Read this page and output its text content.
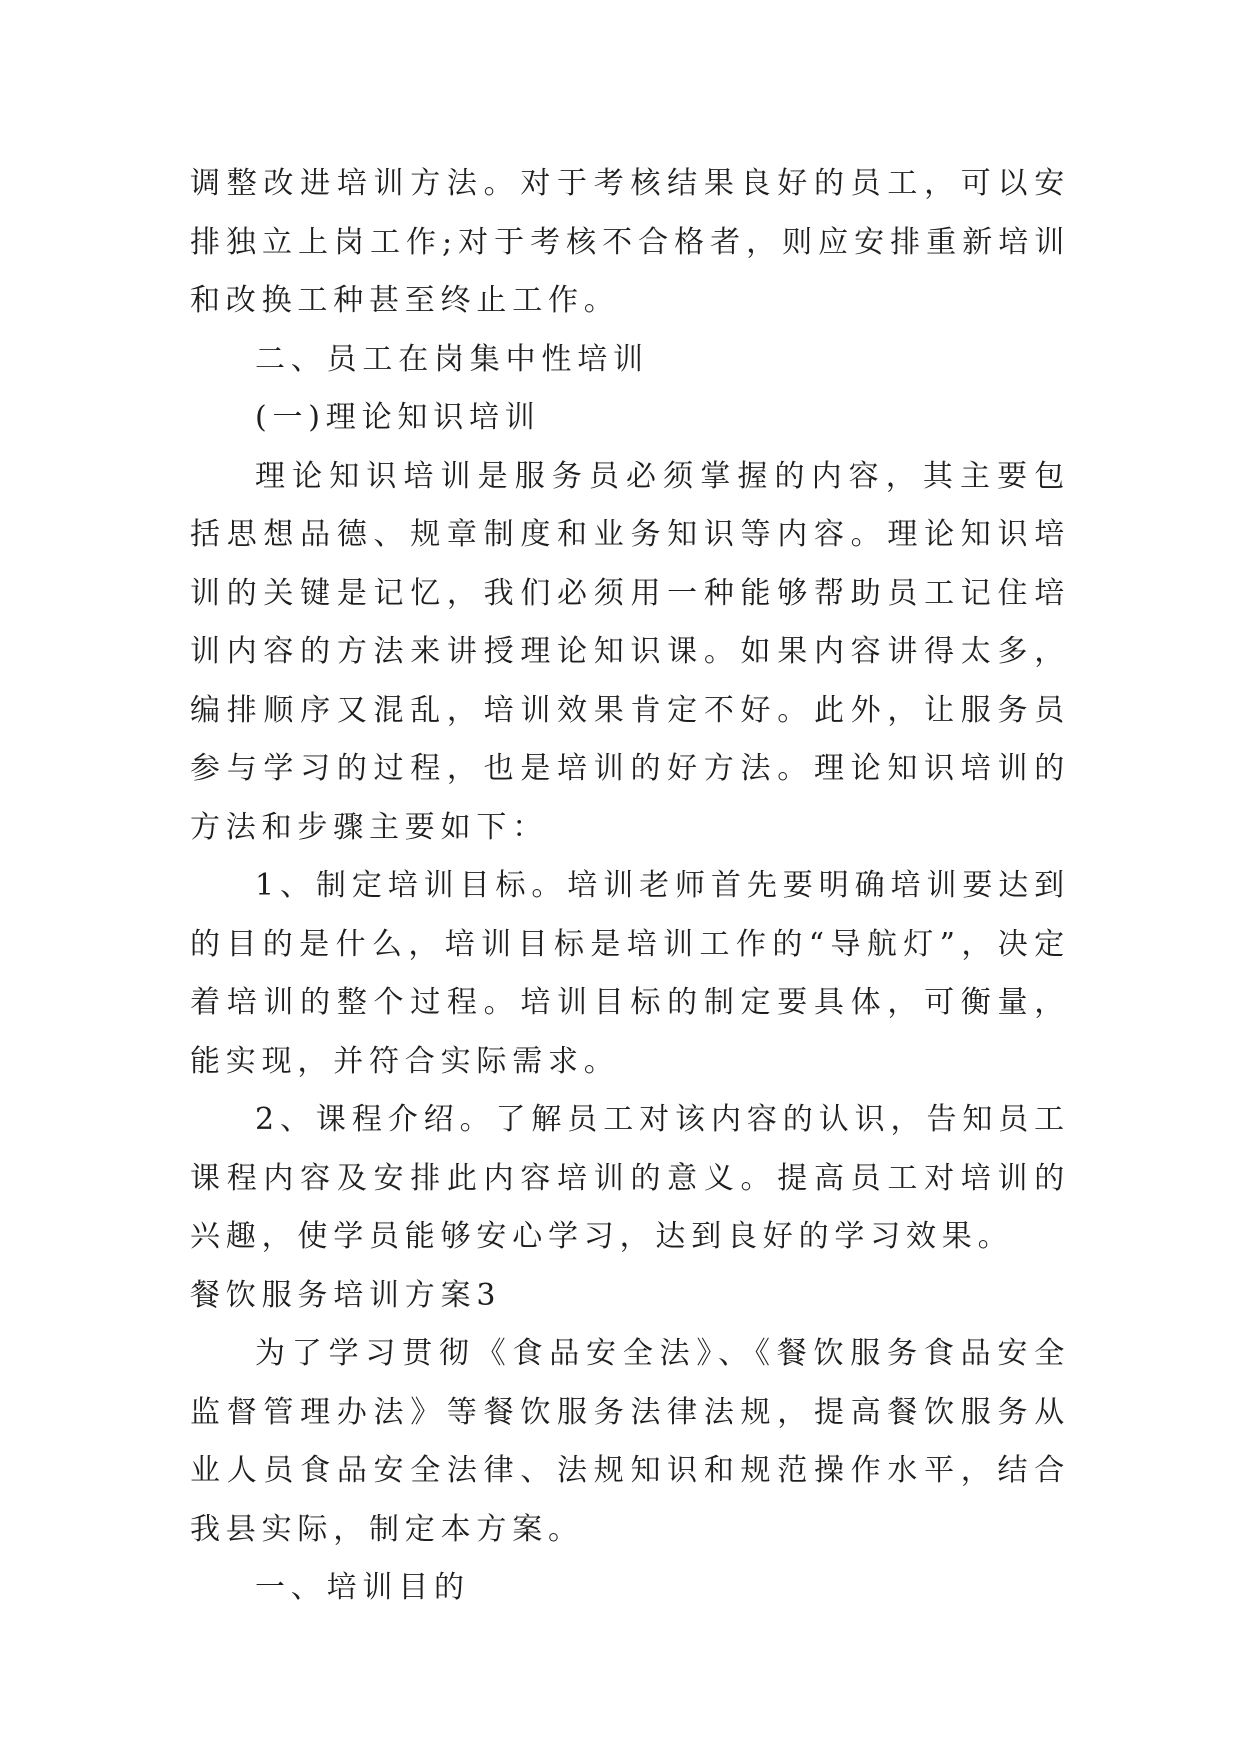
调整改进培训方法。对于考核结果良好的员工，可以安排独立上岗工作;对于考核不合格者，则应安排重新培训和改换工种甚至终止工作。

二、员工在岗集中性培训

(一)理论知识培训

理论知识培训是服务员必须掌握的内容，其主要包括思想品德、规章制度和业务知识等内容。理论知识培训的关键是记忆，我们必须用一种能够帮助员工记住培训内容的方法来讲授理论知识课。如果内容讲得太多，编排顺序又混乱，培训效果肯定不好。此外，让服务员参与学习的过程，也是培训的好方法。理论知识培训的方法和步骤主要如下：

1、制定培训目标。培训老师首先要明确培训要达到的目的是什么，培训目标是培训工作的“导航灯”，决定着培训的整个过程。培训目标的制定要具体，可衡量，能实现，并符合实际需求。

2、课程介绍。了解员工对该内容的认识，告知员工课程内容及安排此内容培训的意义。提高员工对培训的兴趣，使学员能够安心学习，达到良好的学习效果。

餐饮服务培训方案3

为了学习贯彻《食品安全法》、《餐饮服务食品安全监督管理办法》等餐饮服务法律法规，提高餐饮服务从业人员食品安全法律、法规知识和规范操作水平，结合我县实际，制定本方案。

一、培训目的
